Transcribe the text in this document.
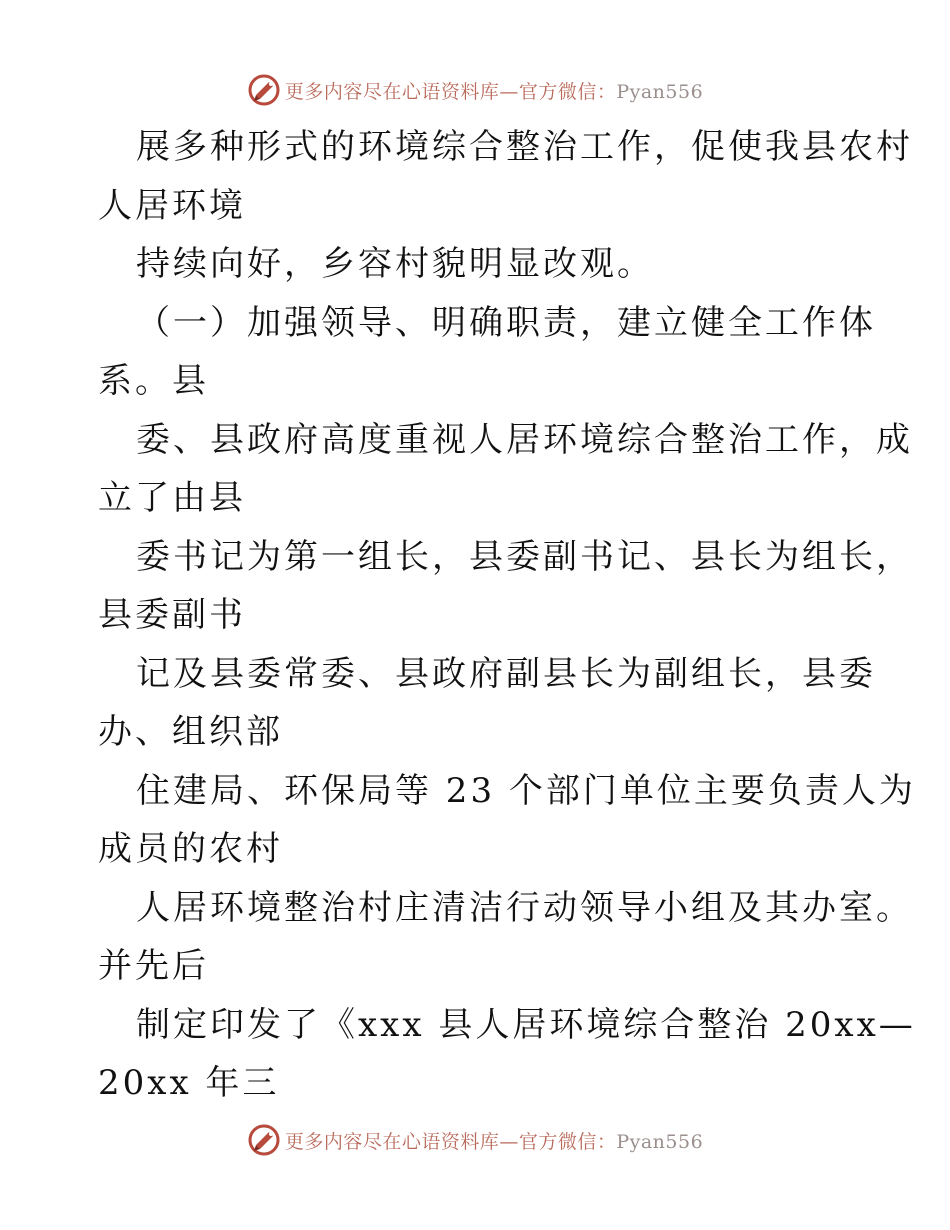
更多内容尽在心语资料库—官方微信：Pyan556
展多种形式的环境综合整治工作，促使我县农村
人居环境
持续向好，乡容村貌明显改观。
（一）加强领导、明确职责，建立健全工作体
系。县
委、县政府高度重视人居环境综合整治工作，成
立了由县
委书记为第一组长，县委副书记、县长为组长，
县委副书
记及县委常委、县政府副县长为副组长，县委
办、组织部
住建局、环保局等 23 个部门单位主要负责人为
成员的农村
人居环境整治村庄清洁行动领导小组及其办室。
并先后
制定印发了《xxx 县人居环境综合整治 20xx—
20xx 年三
更多内容尽在心语资料库—官方微信：Pyan556
